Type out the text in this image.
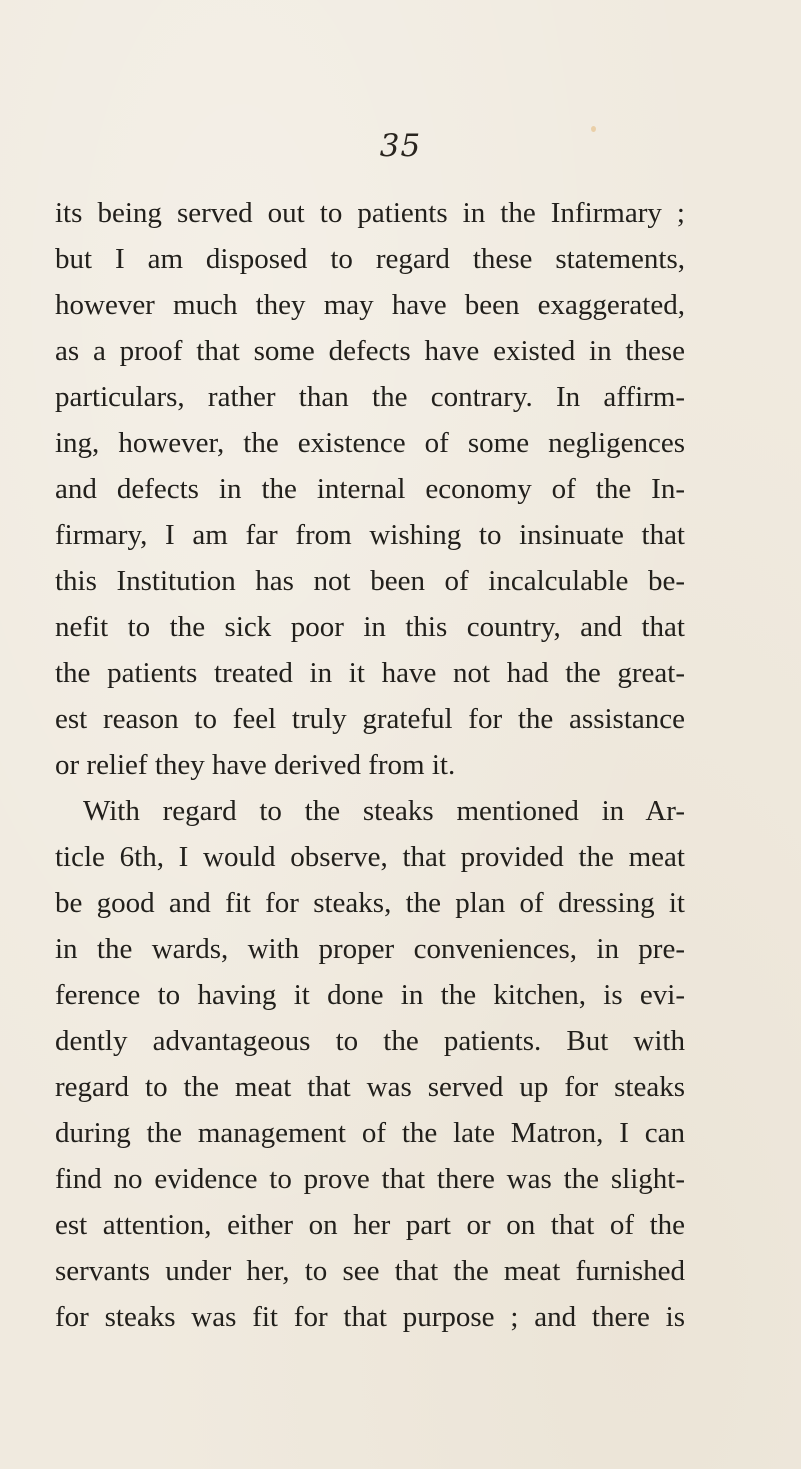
35
its being served out to patients in the Infirmary ;
but I am disposed to regard these statements,
however much they may have been exaggerated,
as a proof that some defects have existed in these
particulars, rather than the contrary. In affirm-
ing, however, the existence of some negligences
and defects in the internal economy of the In-
firmary, I am far from wishing to insinuate that
this Institution has not been of incalculable be-
nefit to the sick poor in this country, and that
the patients treated in it have not had the great-
est reason to feel truly grateful for the assistance
or relief they have derived from it.
With regard to the steaks mentioned in Ar-
ticle 6th, I would observe, that provided the meat
be good and fit for steaks, the plan of dressing it
in the wards, with proper conveniences, in pre-
ference to having it done in the kitchen, is evi-
dently advantageous to the patients. But with
regard to the meat that was served up for steaks
during the management of the late Matron, I can
find no evidence to prove that there was the slight-
est attention, either on her part or on that of the
servants under her, to see that the meat furnished
for steaks was fit for that purpose ; and there is
